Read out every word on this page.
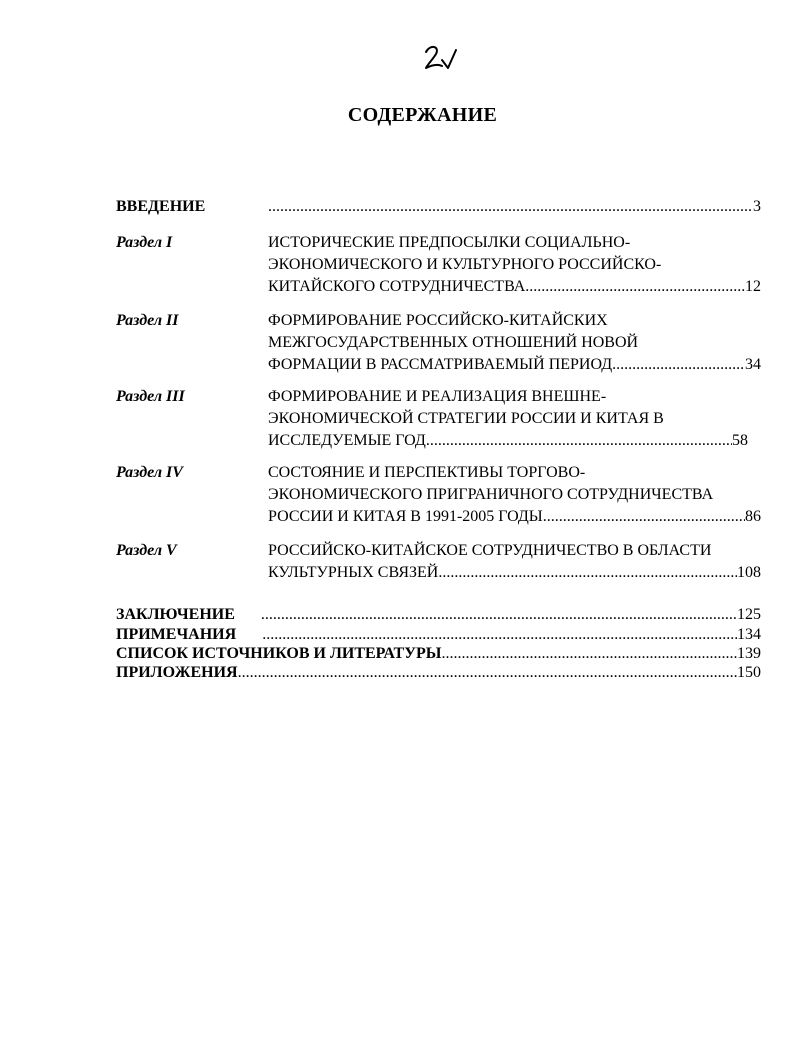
СОДЕРЖАНИЕ
ВВЕДЕНИЕ .....	3
Раздел I	ИСТОРИЧЕСКИЕ ПРЕДПОСЫЛКИ СОЦИАЛЬНО-
ЭКОНОМИЧЕСКОГО И КУЛЬТУРНОГО РОССИЙСКО-
КИТАЙСКОГО СОТРУДНИЧЕСТВА .....	12
Раздел II	ФОРМИРОВАНИЕ РОССИЙСКО-КИТАЙСКИХ
МЕЖГОСУДАРСТВЕННЫХ ОТНОШЕНИЙ НОВОЙ
ФОРМАЦИИ В РАССМАТРИВАЕМЫЙ ПЕРИОД .....	34
Раздел III	ФОРМИРОВАНИЕ И РЕАЛИЗАЦИЯ ВНЕШНЕ-
ЭКОНОМИЧЕСКОЙ СТРАТЕГИИ РОССИИ И КИТАЯ В
ИССЛЕДУЕМЫЕ ГОД .....	58
Раздел IV	СОСТОЯНИЕ И ПЕРСПЕКТИВЫ ТОРГОВО-
ЭКОНОМИЧЕСКОГО ПРИГРАНИЧНОГО СОТРУДНИЧЕСТВА
РОССИИ И КИТАЯ В 1991-2005 ГОДЫ .....	86
Раздел V	РОССИЙСКО-КИТАЙСКОЕ СОТРУДНИЧЕСТВО В ОБЛАСТИ
КУЛЬТУРНЫХ СВЯЗЕЙ .....	108
ЗАКЛЮЧЕНИЕ .....	125
ПРИМЕЧАНИЯ .....	134
СПИСОК ИСТОЧНИКОВ И ЛИТЕРАТУРЫ .....	139
ПРИЛОЖЕНИЯ .....	150
